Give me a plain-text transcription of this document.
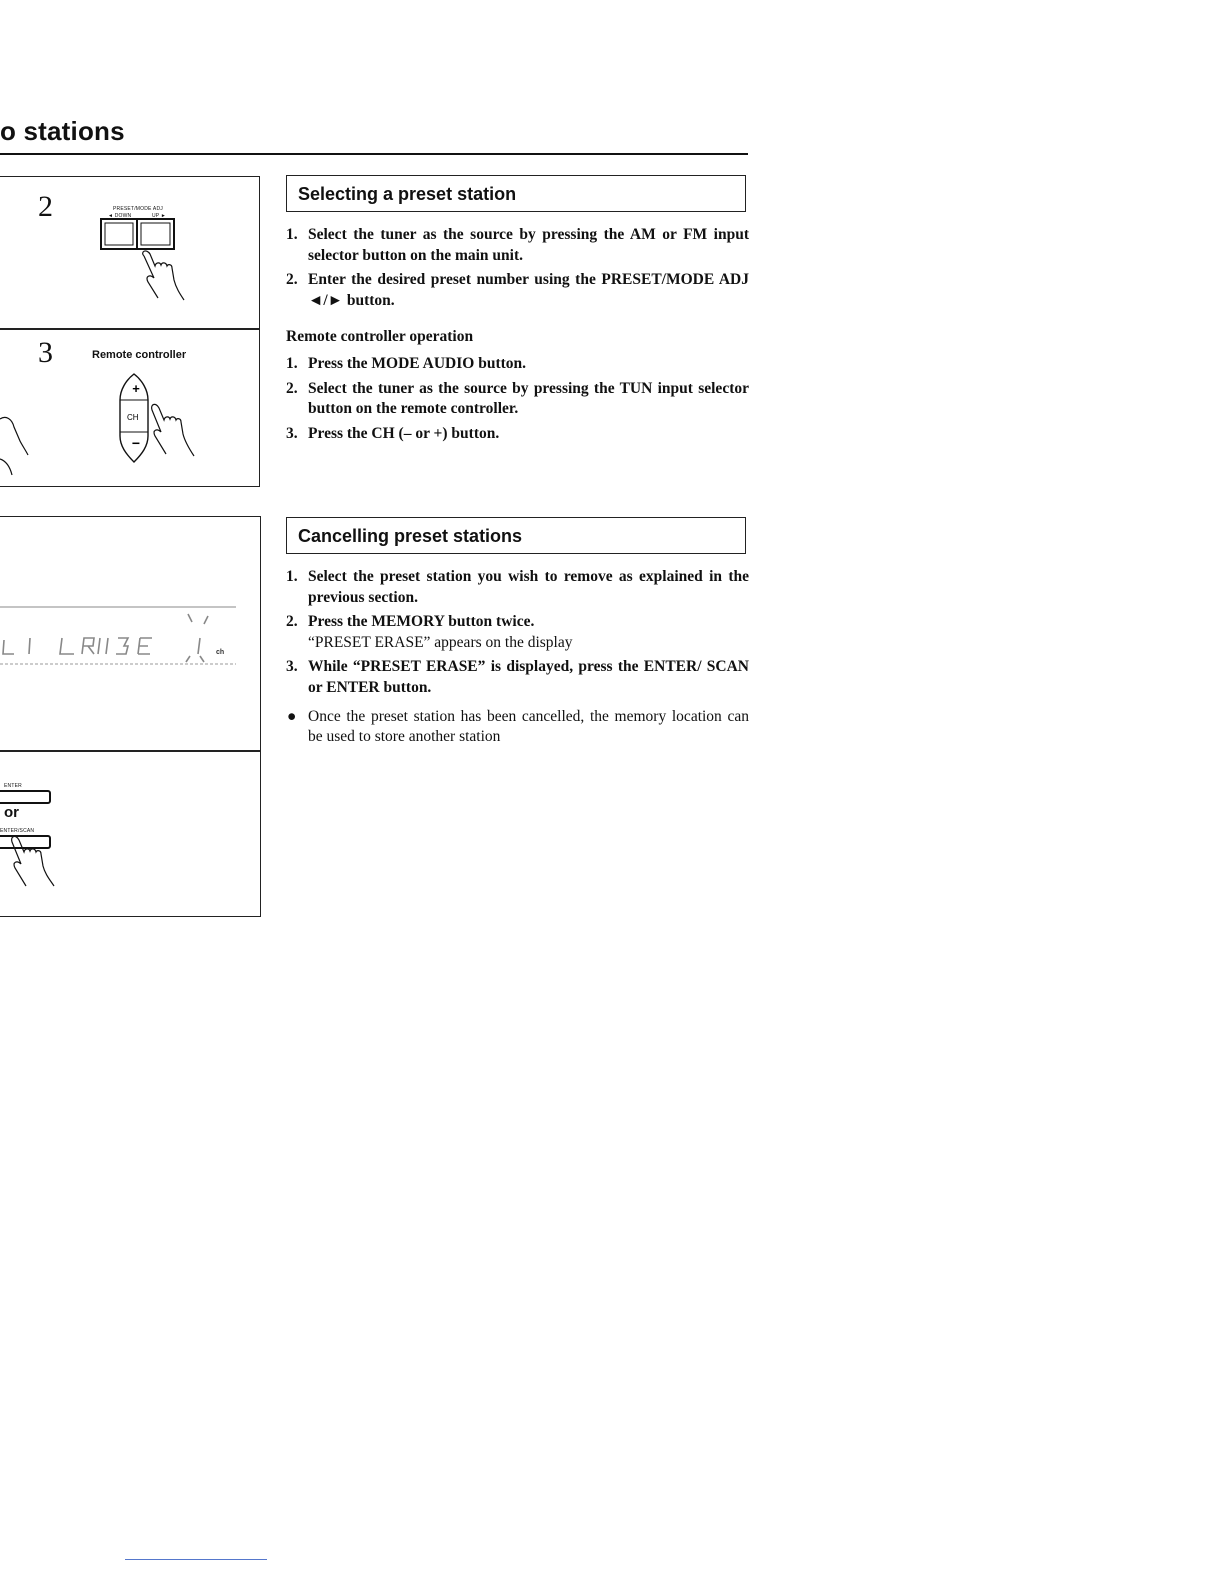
o stations
2	PRESET/MODE ADJ
◄ DOWN	UP ►
3	Remote controller
+
CH
−
ch
ENTER
or
ENTER/SCAN
Selecting a preset station
1. Select the tuner as the source by pressing the AM or FM input selector button on the main unit.
2. Enter the desired preset number using the PRESET/MODE ADJ ◄/► button.
Remote controller operation
1. Press the MODE AUDIO button.
2. Select the tuner as the source by pressing the TUN input selector button on the remote controller.
3. Press the CH (– or +) button.
Cancelling preset stations
1. Select the preset station you wish to remove as explained in the previous section.
2. Press the MEMORY button twice.
“PRESET ERASE” appears on the display
3. While “PRESET ERASE” is displayed, press the ENTER/ SCAN or ENTER button.
● Once the preset station has been cancelled, the memory location can be used to store another station
